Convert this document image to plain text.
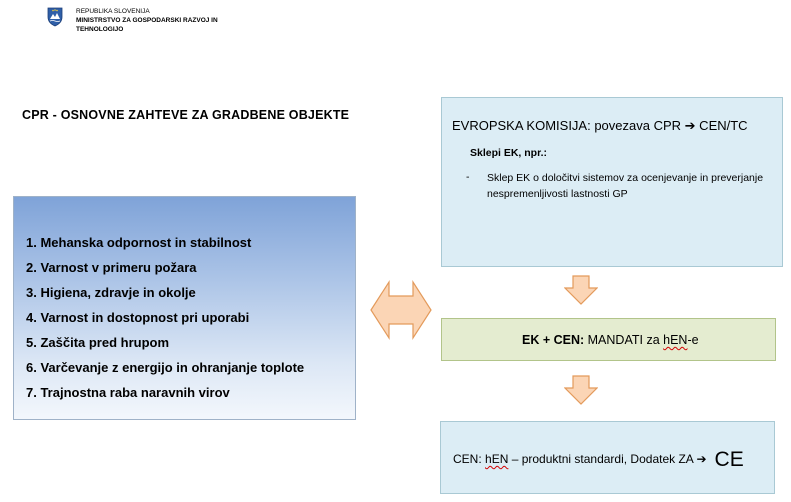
REPUBLIKA SLOVENIJA
MINISTRSTVO ZA GOSPODARSKI RAZVOJ IN
TEHNOLOGIJO
CPR - OSNOVNE ZAHTEVE ZA GRADBENE OBJEKTE
1. Mehanska odpornost in stabilnost
2. Varnost v primeru požara
3. Higiena, zdravje in okolje
4. Varnost in dostopnost pri uporabi
5. Zaščita pred hrupom
6. Varčevanje z energijo in ohranjanje toplote
7. Trajnostna raba naravnih virov
EVROPSKA KOMISIJA: povezava CPR ➔ CEN/TC
Sklepi EK, npr.:
- Sklep EK o določitvi sistemov za ocenjevanje in preverjanje nespremenljivosti lastnosti GP
EK + CEN: MANDATI za hEN-e
CEN: hEN – produktni standardi, Dodatek ZA ➔ CE
